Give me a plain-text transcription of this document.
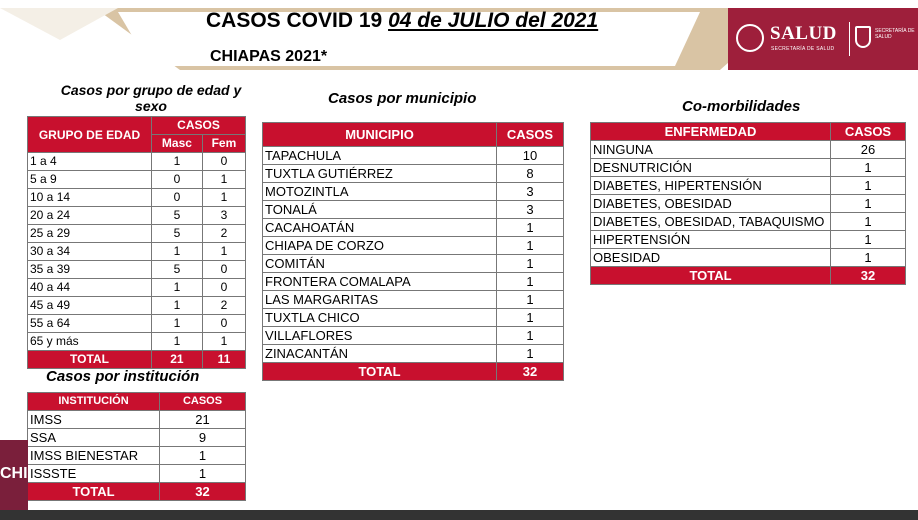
SALUD
SECRETARÍA DE SALUD
SECRETARÍA DE SALUD
CASOS COVID 19 04 de JULIO del 2021
CHIAPAS 2021*
Casos por grupo de edad y sexo
GRUPO DE EDAD	CASOS	
	Masc	Fem
1 a 4	1	0
5 a 9	0	1
10 a 14	0	1
20 a 24	5	3
25 a 29	5	2
30 a 34	1	1
35 a 39	5	0
40 a 44	1	0
45 a 49	1	2
55 a 64	1	0
65 y más	1	1
TOTAL	21	11
Casos por municipio
MUNICIPIO	CASOS
TAPACHULA	10
TUXTLA GUTIÉRREZ	8
MOTOZINTLA	3
TONALÁ	3
CACAHOATÁN	1
CHIAPA DE CORZO	1
COMITÁN	1
FRONTERA COMALAPA	1
LAS MARGARITAS	1
TUXTLA CHICO	1
VILLAFLORES	1
ZINACANTÁN	1
TOTAL	32
Co-morbilidades
ENFERMEDAD	CASOS
NINGUNA	26
DESNUTRICIÓN	1
DIABETES, HIPERTENSIÓN	1
DIABETES, OBESIDAD	1
DIABETES, OBESIDAD, TABAQUISMO	1
HIPERTENSIÓN	1
OBESIDAD	1
TOTAL	32
Casos por institución
INSTITUCIÓN	CASOS
IMSS	21
SSA	9
IMSS BIENESTAR	1
ISSSTE	1
TOTAL	32
CHI
